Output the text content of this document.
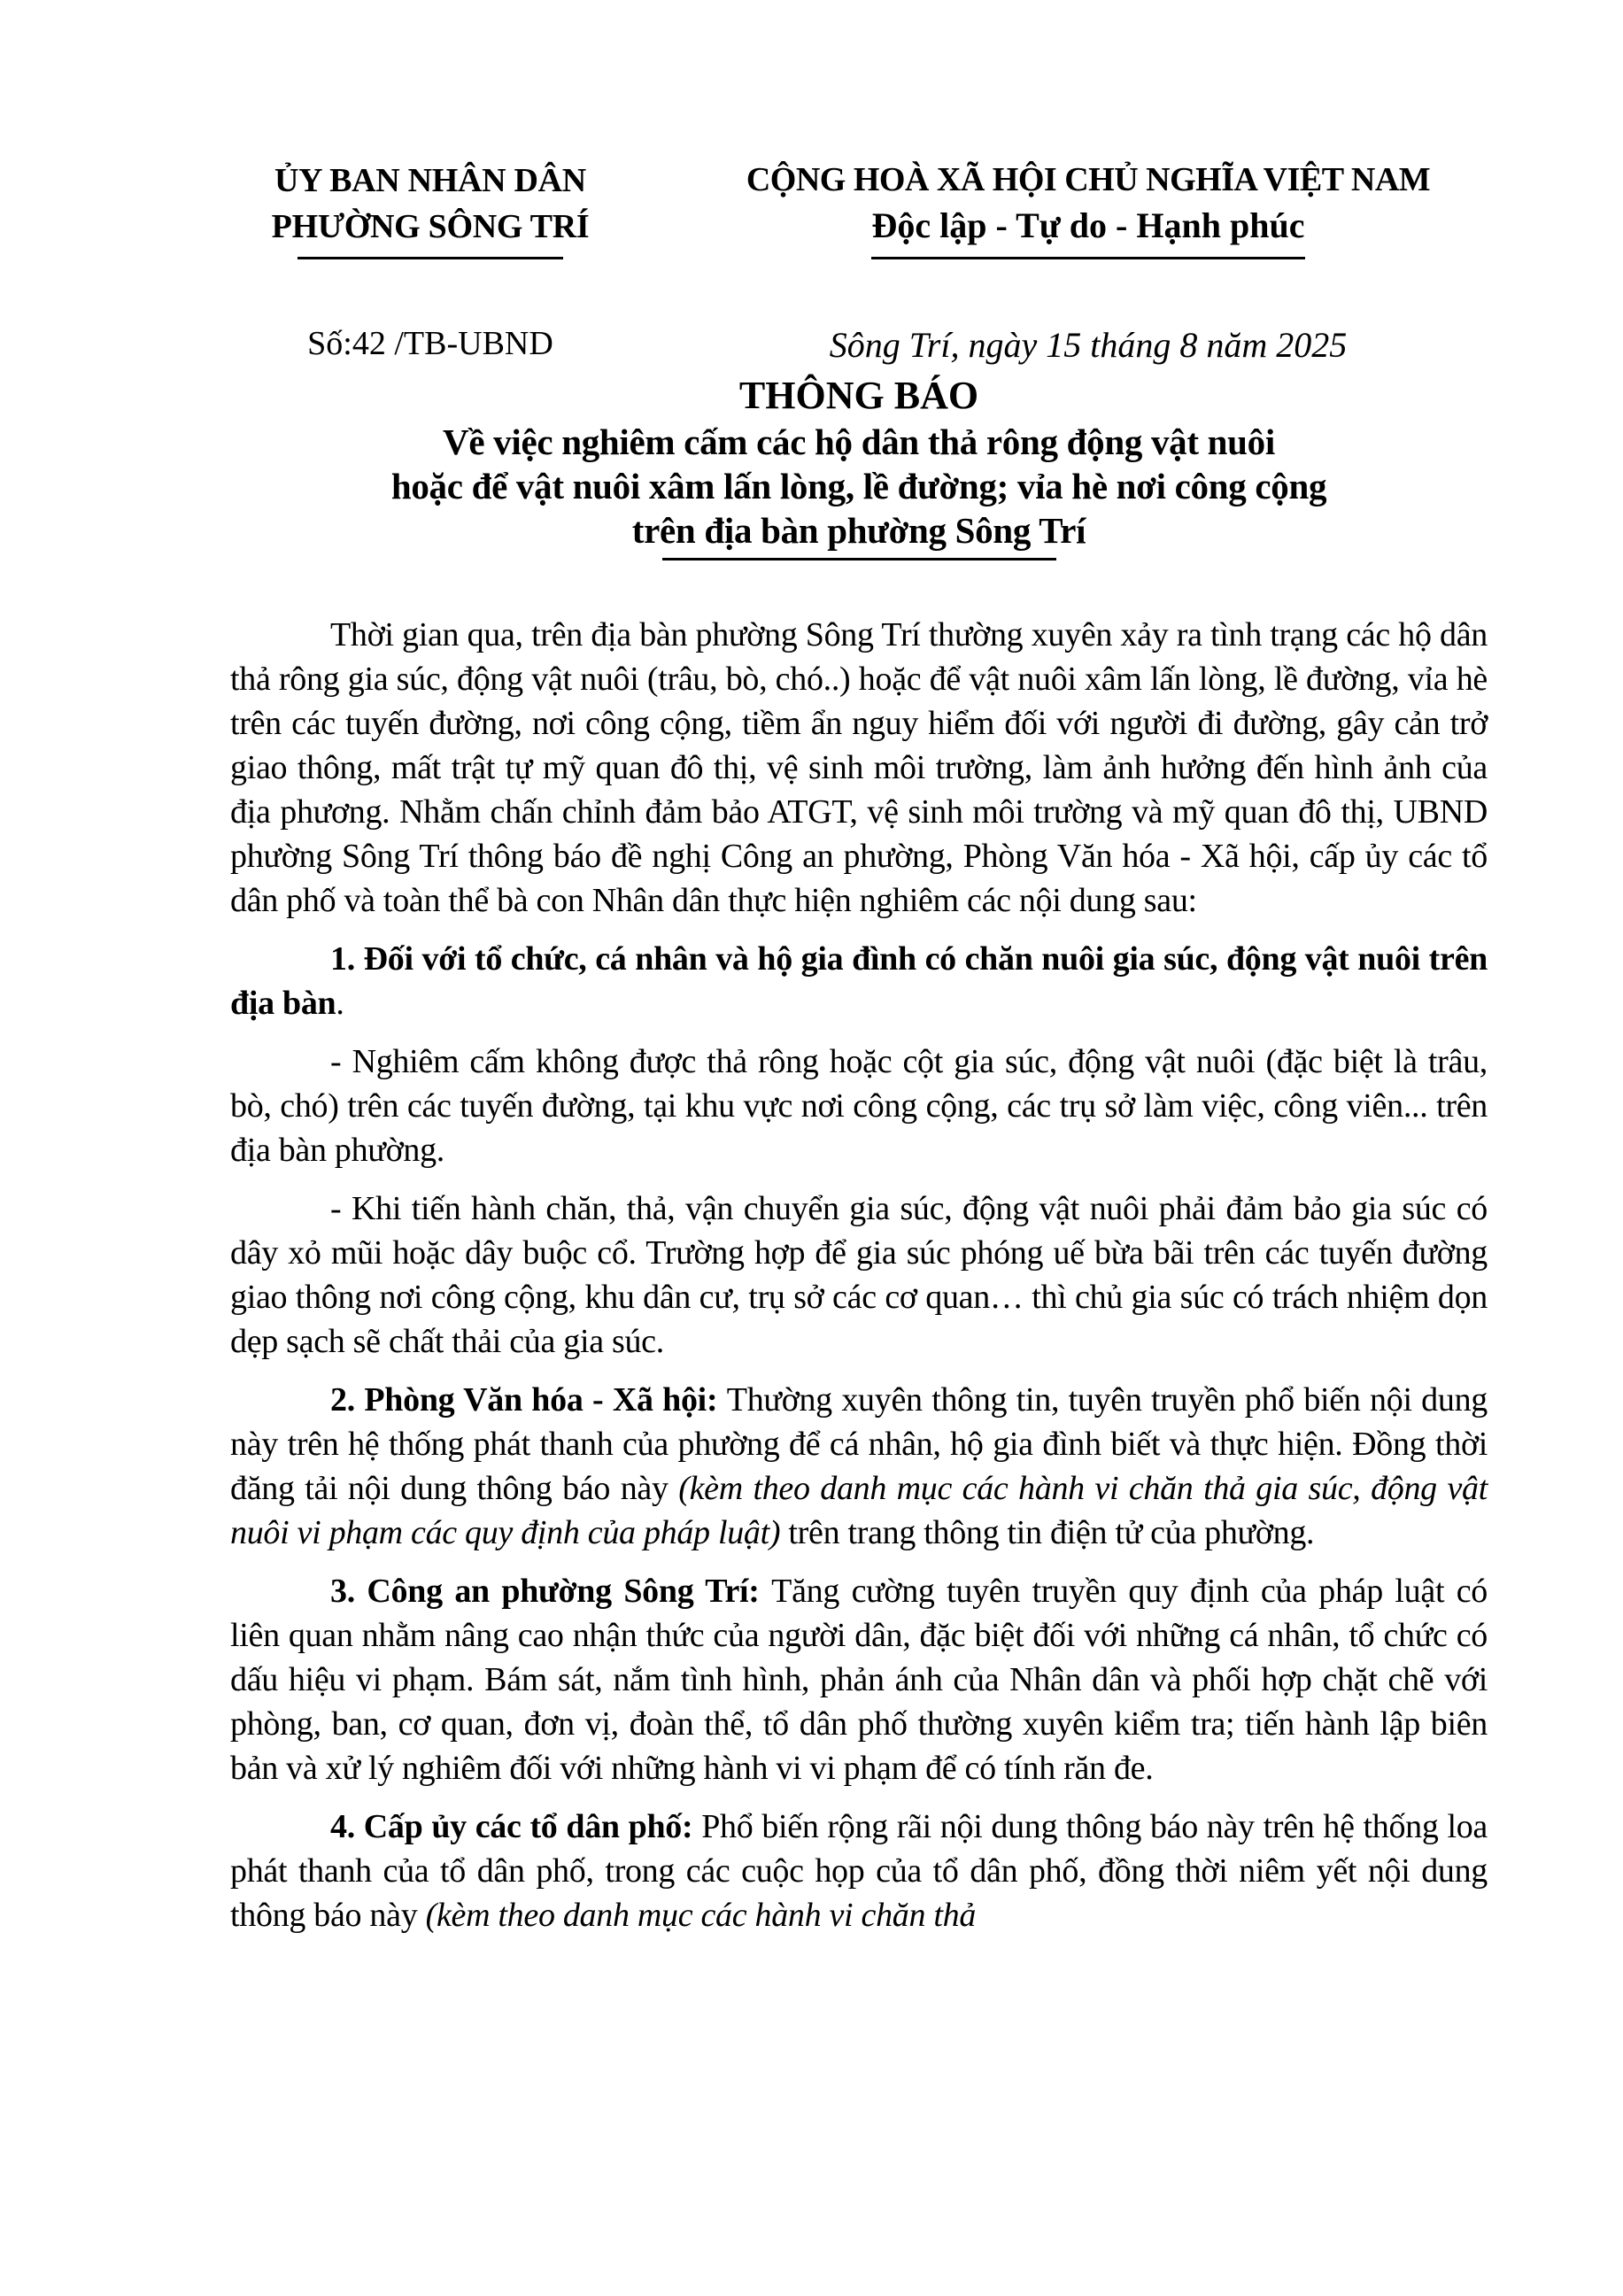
ỦY BAN NHÂN DÂN
PHƯỜNG SÔNG TRÍ
Số:42 /TB-UBND
CỘNG HOÀ XÃ HỘI CHỦ NGHĨA VIỆT NAM
Độc lập - Tự do - Hạnh phúc
Sông Trí, ngày 15 tháng 8 năm 2025
THÔNG BÁO
Về việc nghiêm cấm các hộ dân thả rông động vật nuôi
hoặc để vật nuôi xâm lấn lòng, lề đường; vỉa hè nơi công cộng
trên địa bàn phường Sông Trí

Thời gian qua, trên địa bàn phường Sông Trí thường xuyên xảy ra tình trạng các hộ dân thả rông gia súc, động vật nuôi (trâu, bò, chó..) hoặc để vật nuôi xâm lấn lòng, lề đường, vỉa hè trên các tuyến đường, nơi công cộng, tiềm ẩn nguy hiểm đối với người đi đường, gây cản trở giao thông, mất trật tự mỹ quan đô thị, vệ sinh môi trường, làm ảnh hưởng đến hình ảnh của địa phương. Nhằm chấn chỉnh đảm bảo ATGT, vệ sinh môi trường và mỹ quan đô thị, UBND phường Sông Trí thông báo đề nghị Công an phường, Phòng Văn hóa - Xã hội, cấp ủy các tổ dân phố và toàn thể bà con Nhân dân thực hiện nghiêm các nội dung sau:

1. Đối với tổ chức, cá nhân và hộ gia đình có chăn nuôi gia súc, động vật nuôi trên địa bàn.

- Nghiêm cấm không được thả rông hoặc cột gia súc, động vật nuôi (đặc biệt là trâu, bò, chó) trên các tuyến đường, tại khu vực nơi công cộng, các trụ sở làm việc, công viên... trên địa bàn phường.

- Khi tiến hành chăn, thả, vận chuyển gia súc, động vật nuôi phải đảm bảo gia súc có dây xỏ mũi hoặc dây buộc cổ. Trường hợp để gia súc phóng uế bừa bãi trên các tuyến đường giao thông nơi công cộng, khu dân cư, trụ sở các cơ quan… thì chủ gia súc có trách nhiệm dọn dẹp sạch sẽ chất thải của gia súc.

2. Phòng Văn hóa - Xã hội: Thường xuyên thông tin, tuyên truyền phổ biến nội dung này trên hệ thống phát thanh của phường để cá nhân, hộ gia đình biết và thực hiện. Đồng thời đăng tải nội dung thông báo này (kèm theo danh mục các hành vi chăn thả gia súc, động vật nuôi vi phạm các quy định của pháp luật) trên trang thông tin điện tử của phường.

3. Công an phường Sông Trí: Tăng cường tuyên truyền quy định của pháp luật có liên quan nhằm nâng cao nhận thức của người dân, đặc biệt đối với những cá nhân, tổ chức có dấu hiệu vi phạm. Bám sát, nắm tình hình, phản ánh của Nhân dân và phối hợp chặt chẽ với phòng, ban, cơ quan, đơn vị, đoàn thể, tổ dân phố thường xuyên kiểm tra; tiến hành lập biên bản và xử lý nghiêm đối với những hành vi vi phạm để có tính răn đe.

4. Cấp ủy các tổ dân phố: Phổ biến rộng rãi nội dung thông báo này trên hệ thống loa phát thanh của tổ dân phố, trong các cuộc họp của tổ dân phố, đồng thời niêm yết nội dung thông báo này (kèm theo danh mục các hành vi chăn thả
